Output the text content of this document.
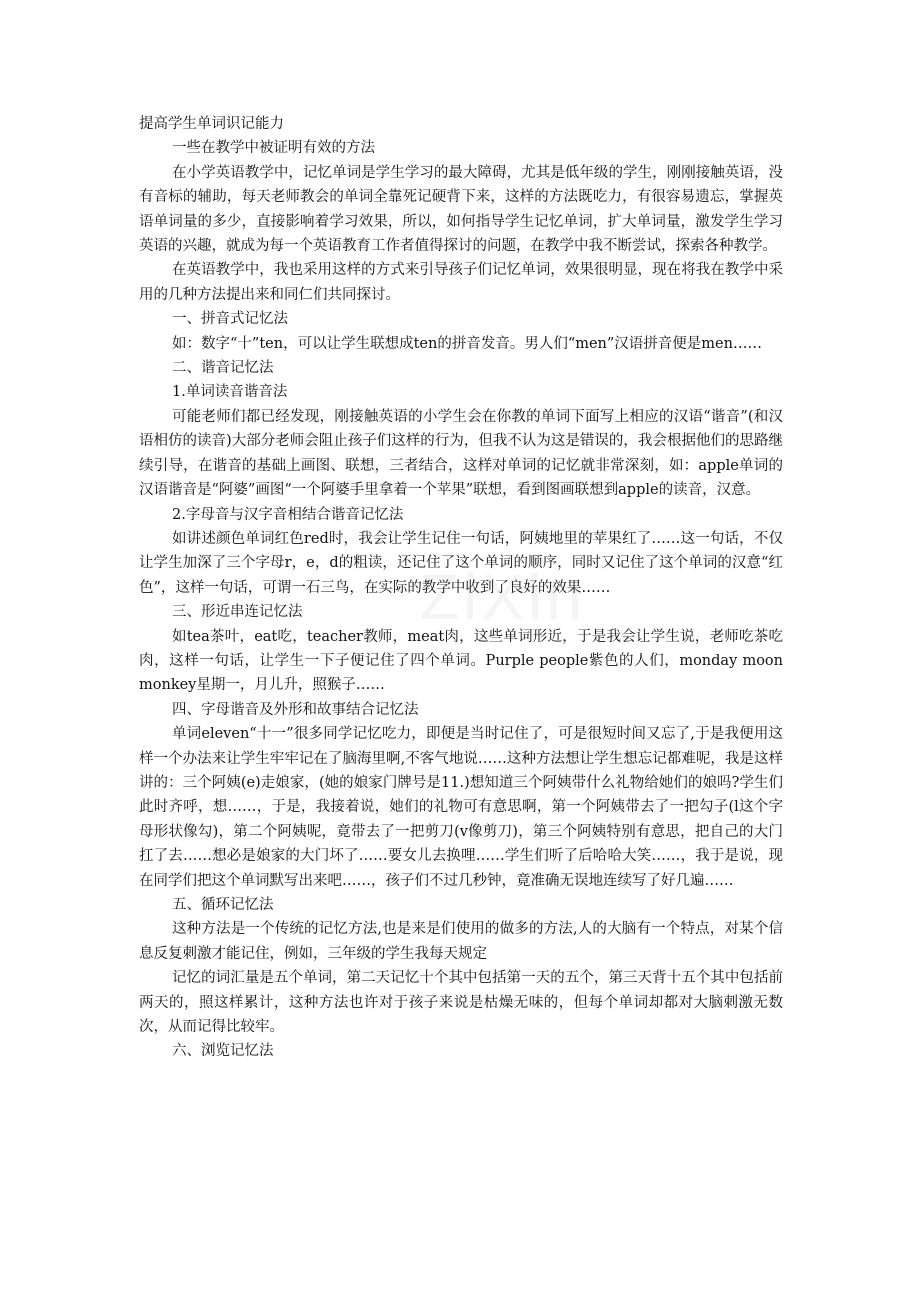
提高学生单词识记能力

一些在教学中被证明有效的方法

在小学英语教学中，记忆单词是学生学习的最大障碍，尤其是低年级的学生，刚刚接触英语，没有音标的辅助，每天老师教会的单词全靠死记硬背下来，这样的方法既吃力，有很容易遗忘，掌握英语单词量的多少，直接影响着学习效果，所以，如何指导学生记忆单词，扩大单词量，激发学生学习英语的兴趣，就成为每一个英语教育工作者值得探讨的问题，在教学中我不断尝试，探索各种教学。

在英语教学中，我也采用这样的方式来引导孩子们记忆单词，效果很明显，现在将我在教学中采用的几种方法提出来和同仁们共同探讨。

一、拼音式记忆法

如：数字“十”ten，可以让学生联想成ten的拼音发音。男人们“men”汉语拼音便是men……

二、谐音记忆法

1.单词读音谐音法

可能老师们都已经发现，刚接触英语的小学生会在你教的单词下面写上相应的汉语“谐音”(和汉语相仿的读音)大部分老师会阻止孩子们这样的行为，但我不认为这是错误的，我会根据他们的思路继续引导，在谐音的基础上画图、联想，三者结合，这样对单词的记忆就非常深刻，如：apple单词的汉语谐音是“阿婆”画图“一个阿婆手里拿着一个苹果”联想，看到图画联想到apple的读音，汉意。

2.字母音与汉字音相结合谐音记忆法

如讲述颜色单词红色red时，我会让学生记住一句话，阿姨地里的苹果红了……这一句话，不仅让学生加深了三个字母r，e，d的粗读，还记住了这个单词的顺序，同时又记住了这个单词的汉意“红色”，这样一句话，可谓一石三鸟，在实际的教学中收到了良好的效果……

三、形近串连记忆法

如tea茶叶，eat吃，teacher教师，meat肉，这些单词形近，于是我会让学生说，老师吃茶吃肉，这样一句话，让学生一下子便记住了四个单词。Purple people紫色的人们，monday moon monkey星期一，月儿升，照猴子……

四、字母谐音及外形和故事结合记忆法

单词eleven“十一”很多同学记忆吃力，即便是当时记住了，可是很短时间又忘了,于是我便用这样一个办法来让学生牢牢记在了脑海里啊,不客气地说……这种方法想让学生想忘记都难呢，我是这样讲的：三个阿姨(e)走娘家，(她的娘家门牌号是11.)想知道三个阿姨带什么礼物给她们的娘吗?学生们此时齐呼，想……，于是，我接着说，她们的礼物可有意思啊，第一个阿姨带去了一把勾子(l这个字母形状像勾)，第二个阿姨呢，竟带去了一把剪刀(v像剪刀)，第三个阿姨特别有意思，把自己的大门扛了去……想必是娘家的大门坏了……要女儿去换哩……学生们听了后哈哈大笑……，我于是说，现在同学们把这个单词默写出来吧……，孩子们不过几秒钟，竟准确无误地连续写了好几遍……

五、循环记忆法

这种方法是一个传统的记忆方法,也是来是们使用的做多的方法,人的大脑有一个特点，对某个信息反复刺激才能记住，例如，三年级的学生我每天规定

记忆的词汇量是五个单词，第二天记忆十个其中包括第一天的五个，第三天背十五个其中包括前两天的，照这样累计，这种方法也许对于孩子来说是枯燥无味的，但每个单词却都对大脑刺激无数次，从而记得比较牢。

六、浏览记忆法
